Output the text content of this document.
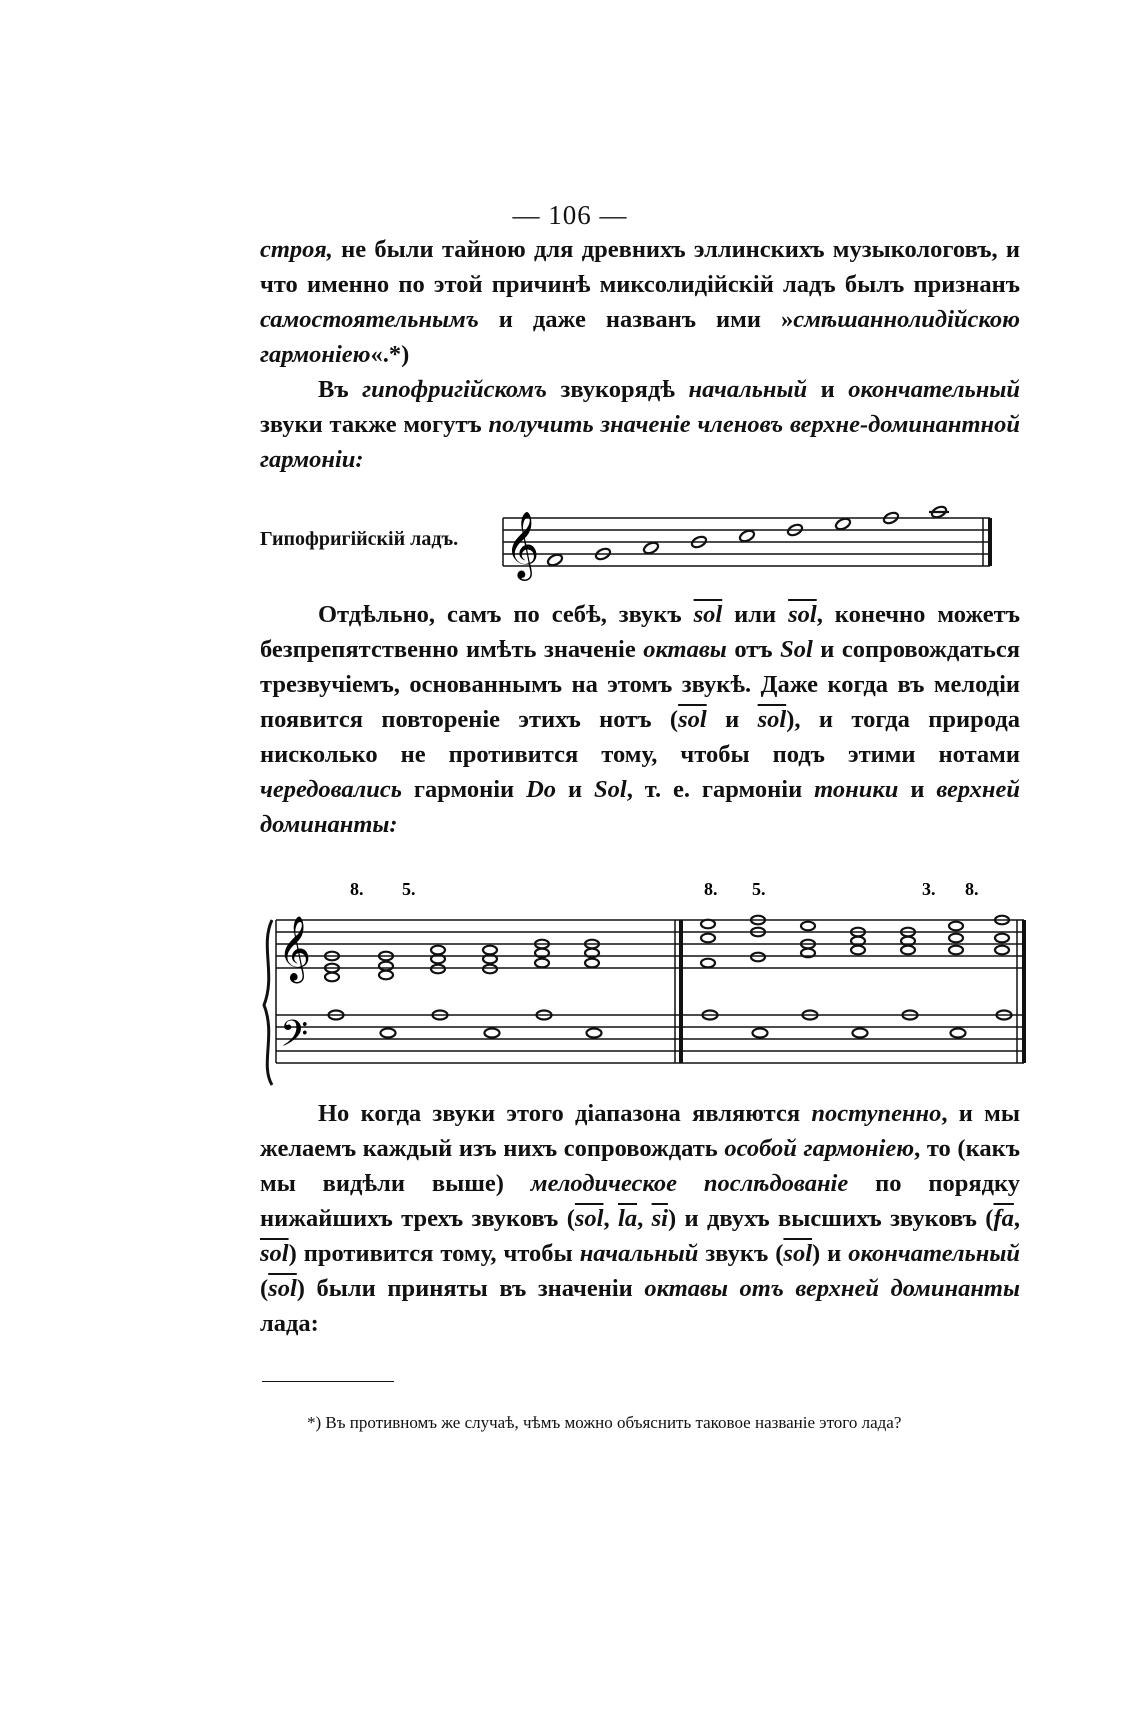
— 106 —

строя, не были тайною для древнихъ эллинскихъ музыкологовъ, и что именно по этой причинѣ миксолидійскій ладъ былъ признанъ самостоятельнымъ и даже названъ ими »смѣшаннолидійскою гармоніею«.*)

Въ гипофригійскомъ звукорядѣ начальный и окончательный звуки также могутъ получить значеніе членовъ верхне-доминантной гармоніи:

Гипофригійскій ладъ. 𝄞

Отдѣльно, самъ по себѣ, звукъ $\overline{sol}$ или $\overline{sol}$, конечно можетъ безпрепятственно имѣть значеніе октавы отъ Sol и сопровождаться трезвучіемъ, основаннымъ на этомъ звукѣ. Даже когда въ мелодіи появится повтореніе этихъ нотъ ($\overline{sol}$ и $\overline{sol}$), и тогда природа нисколько не противится тому, чтобы подъ этими нотами чередовались гармоніи Do и Sol, т. е. гармоніи тоники и верхней доминанты:

8. 5.	8. 5.	3. 8.
𝄞
𝄢

Но когда звуки этого діапазона являются поступенно, и мы желаемъ каждый изъ нихъ сопровождать особой гармоніею, то (какъ мы видѣли выше) мелодическое послѣдованіе по порядку нижайшихъ трехъ звуковъ ($\overline{sol}$, $\overline{la}$, $\overline{si}$) и двухъ высшихъ звуковъ ($\overline{fa}$, $\overline{sol}$) противится тому, чтобы начальный звукъ $(\overline{sol})$ и окончательный $(\overline{sol})$ были приняты въ значеніи октавы отъ верхней доминанты лада:

*) Въ противномъ же случаѣ, чѣмъ можно объяснить таковое названіе этого лада?
